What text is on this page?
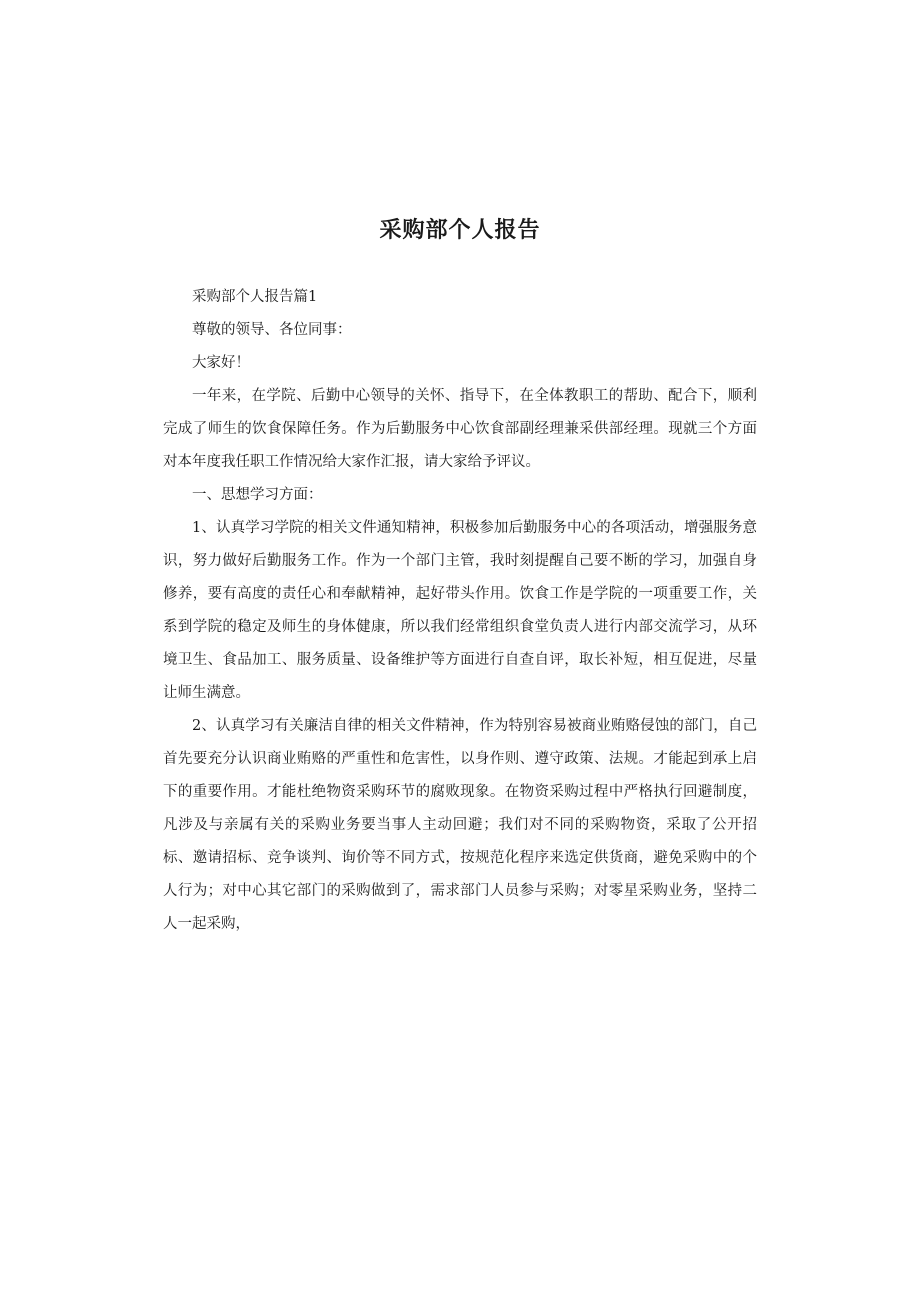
采购部个人报告

采购部个人报告篇1

尊敬的领导、各位同事：

大家好！

一年来，在学院、后勤中心领导的关怀、指导下，在全体教职工的帮助、配合下，顺利完成了师生的饮食保障任务。作为后勤服务中心饮食部副经理兼采供部经理。现就三个方面对本年度我任职工作情况给大家作汇报，请大家给予评议。

一、思想学习方面：

1、认真学习学院的相关文件通知精神，积极参加后勤服务中心的各项活动，增强服务意识，努力做好后勤服务工作。作为一个部门主管，我时刻提醒自己要不断的学习，加强自身修养，要有高度的责任心和奉献精神，起好带头作用。饮食工作是学院的一项重要工作，关系到学院的稳定及师生的身体健康，所以我们经常组织食堂负责人进行内部交流学习，从环境卫生、食品加工、服务质量、设备维护等方面进行自查自评，取长补短，相互促进，尽量让师生满意。

2、认真学习有关廉洁自律的相关文件精神，作为特别容易被商业贿赂侵蚀的部门，自己首先要充分认识商业贿赂的严重性和危害性，以身作则、遵守政策、法规。才能起到承上启下的重要作用。才能杜绝物资采购环节的腐败现象。在物资采购过程中严格执行回避制度，凡涉及与亲属有关的采购业务要当事人主动回避；我们对不同的采购物资，采取了公开招标、邀请招标、竞争谈判、询价等不同方式，按规范化程序来选定供货商，避免采购中的个人行为；对中心其它部门的采购做到了，需求部门人员参与采购；对零星采购业务，坚持二人一起采购，
